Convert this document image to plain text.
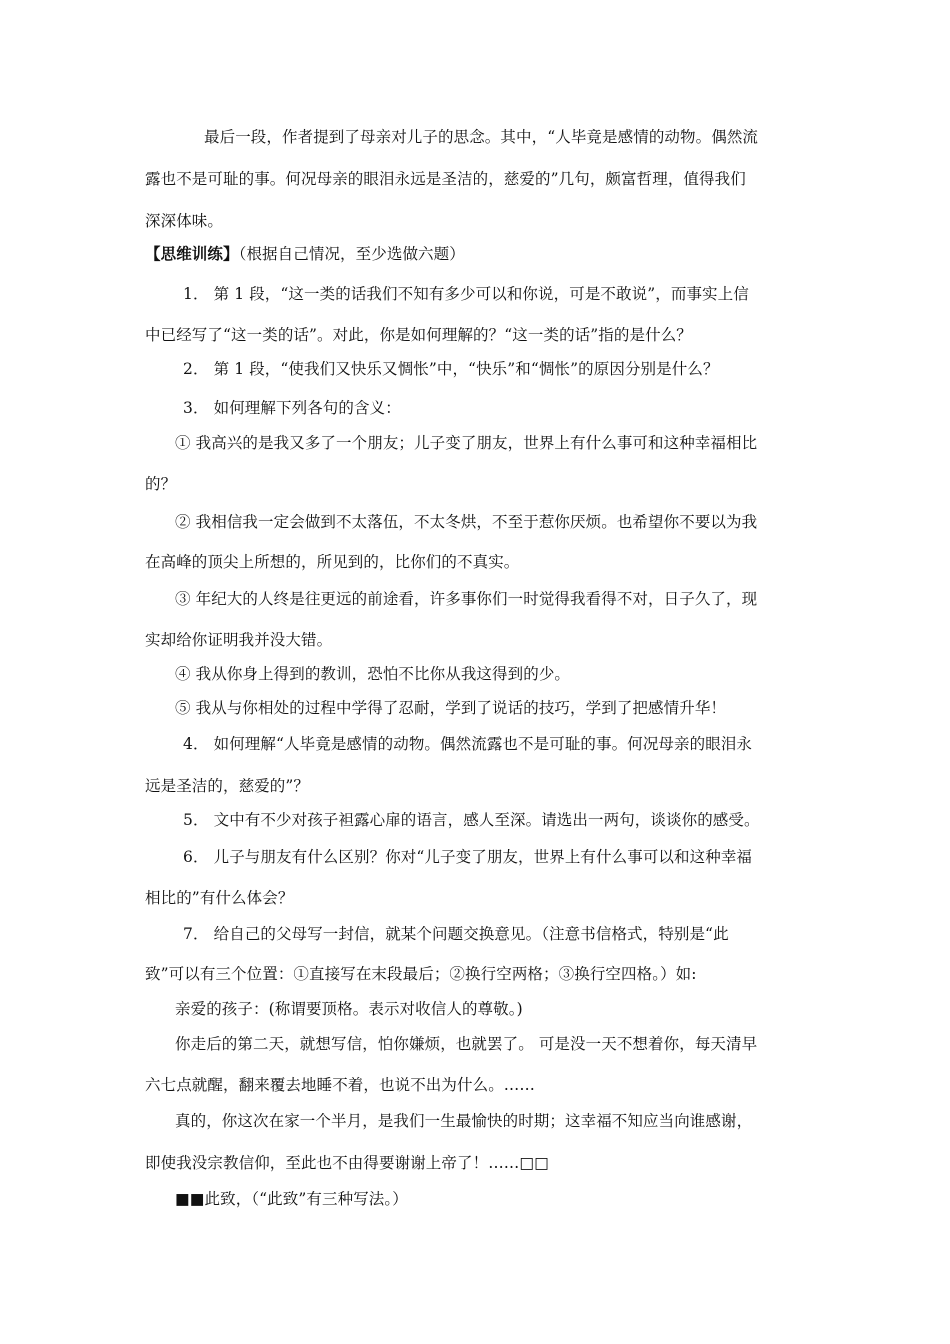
最后一段，作者提到了母亲对儿子的思念。其中，“人毕竟是感情的动物。偶然流
露也不是可耻的事。何况母亲的眼泪永远是圣洁的，慈爱的”几句，颇富哲理，值得我们
深深体味。
【思维训练】（根据自己情况，至少选做六题）
1． 第 1 段，“这一类的话我们不知有多少可以和你说，可是不敢说”，而事实上信
中已经写了“这一类的话”。对此，你是如何理解的？“这一类的话”指的是什么？
2． 第 1 段，“使我们又快乐又惆怅”中，“快乐”和“惆怅”的原因分别是什么？
3． 如何理解下列各句的含义：
① 我高兴的是我又多了一个朋友；儿子变了朋友，世界上有什么事可和这种幸福相比
的？
② 我相信我一定会做到不太落伍，不太冬烘，不至于惹你厌烦。也希望你不要以为我
在高峰的顶尖上所想的，所见到的，比你们的不真实。
③ 年纪大的人终是往更远的前途看，许多事你们一时觉得我看得不对，日子久了，现
实却给你证明我并没大错。
④ 我从你身上得到的教训，恐怕不比你从我这得到的少。
⑤ 我从与你相处的过程中学得了忍耐，学到了说话的技巧，学到了把感情升华！
4． 如何理解“人毕竟是感情的动物。偶然流露也不是可耻的事。何况母亲的眼泪永
远是圣洁的，慈爱的”？
5． 文中有不少对孩子袒露心扉的语言，感人至深。请选出一两句，谈谈你的感受。
6． 儿子与朋友有什么区别？你对“儿子变了朋友，世界上有什么事可以和这种幸福
相比的”有什么体会？
7． 给自己的父母写一封信，就某个问题交换意见。（注意书信格式，特别是“此
致”可以有三个位置：①直接写在末段最后；②换行空两格；③换行空四格。）如:
亲爱的孩子：(称谓要顶格。表示对收信人的尊敬。)
你走后的第二天，就想写信，怕你嫌烦，也就罢了。 可是没一天不想着你，每天清早
六七点就醒，翻来覆去地睡不着，也说不出为什么。……
真的，你这次在家一个半月，是我们一生最愉快的时期；这幸福不知应当向谁感谢，
即使我没宗教信仰，至此也不由得要谢谢上帝了！……□□
■■此致，（“此致”有三种写法。）
